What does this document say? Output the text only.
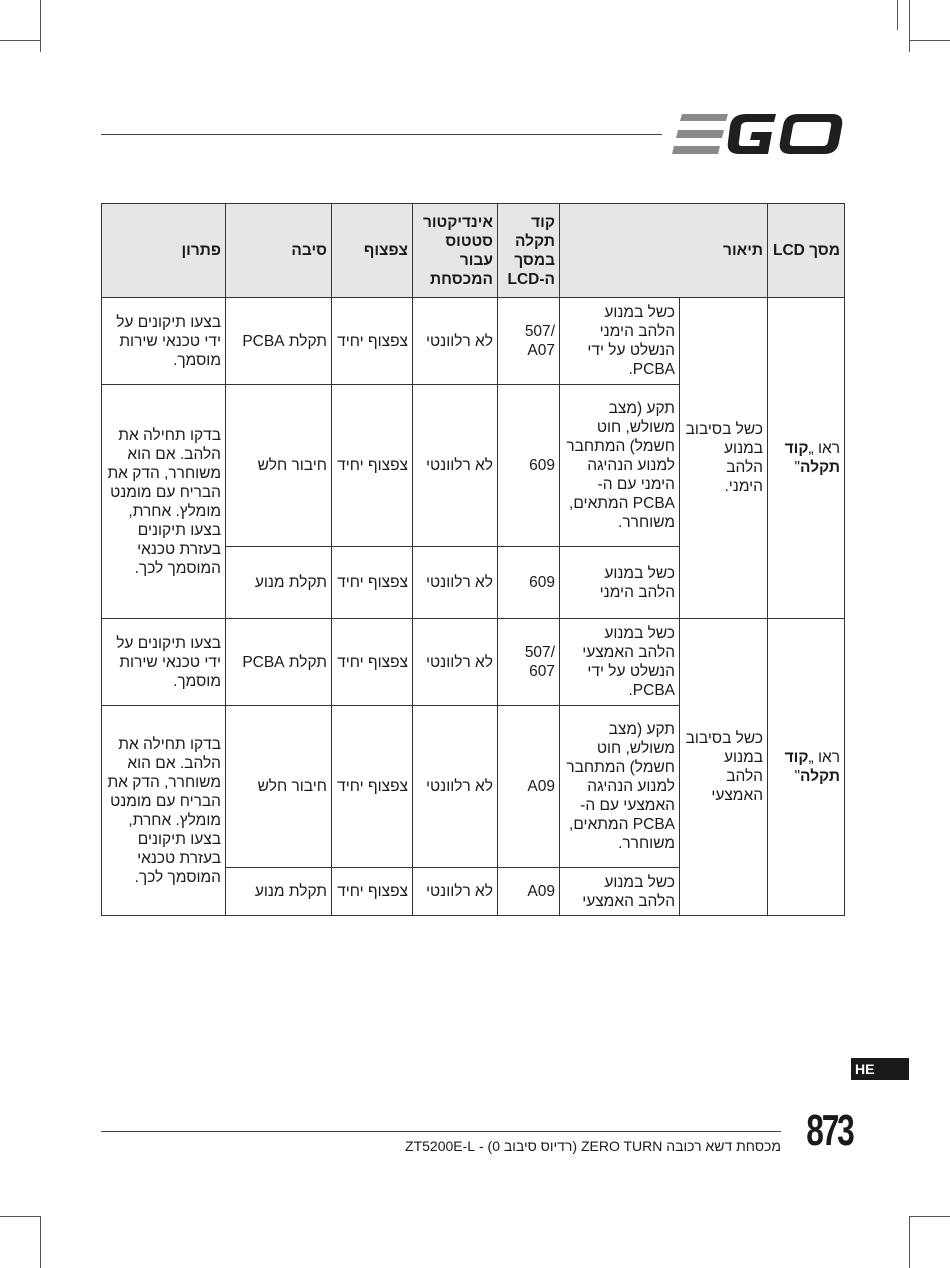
מסך LCD	תיאור		קוד תקלה במסך ה-LCD	אינדיקטור סטטוס עבור המכסחת	צפצוף	סיבה	פתרון
ראו „קוד תקלה"	כשל בסיבוב במנוע הלהב הימני.	כשל במנוע הלהב הימני הנשלט על ידי PCBA.	/507 A07	לא רלוונטי	צפצוף יחיד	תקלת PCBA	בצעו תיקונים על ידי טכנאי שירות מוסמך.
		תקע (מצב משולש, חוט חשמל) המתחבר למנוע הנהיגה הימני עם ה-PCBA המתאים, משוחרר.	609	לא רלוונטי	צפצוף יחיד	חיבור חלש	בדקו תחילה את הלהב. אם הוא משוחרר, הדק את הבריח עם מומנט מומלץ. אחרת, בצעו תיקונים בעזרת טכנאי המוסמך לכך.
		כשל במנוע הלהב הימני	609	לא רלוונטי	צפצוף יחיד	תקלת מנוע	
ראו „קוד תקלה"	כשל בסיבוב במנוע הלהב האמצעי	כשל במנוע הלהב האמצעי הנשלט על ידי PCBA.	/507 607	לא רלוונטי	צפצוף יחיד	תקלת PCBA	בצעו תיקונים על ידי טכנאי שירות מוסמך.
		תקע (מצב משולש, חוט חשמל) המתחבר למנוע הנהיגה האמצעי עם ה-PCBA המתאים, משוחרר.	A09	לא רלוונטי	צפצוף יחיד	חיבור חלש	בדקו תחילה את הלהב. אם הוא משוחרר, הדק את הבריח עם מומנט מומלץ. אחרת, בצעו תיקונים בעזרת טכנאי המוסמך לכך.
		כשל במנוע הלהב האמצעי	A09	לא רלוונטי	צפצוף יחיד	תקלת מנוע	
HE
מכסחת דשא רכובה ZERO TURN (רדיוס סיבוב 0) - ZT5200E-L 873
